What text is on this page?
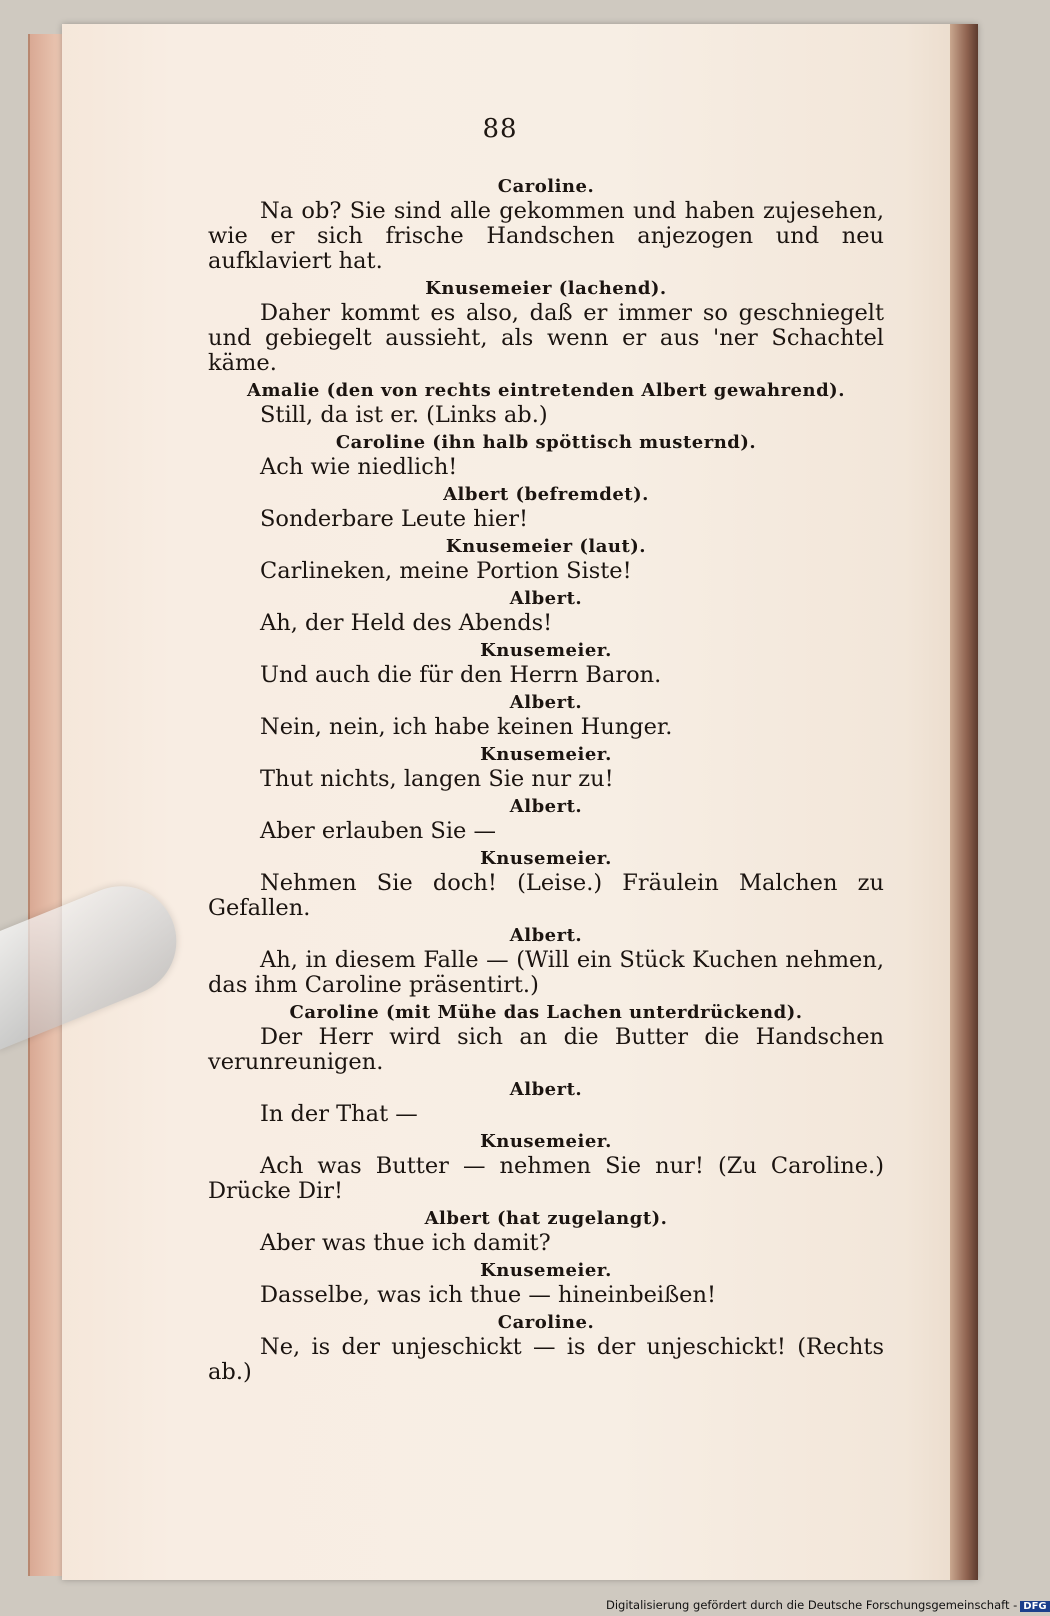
88

Caroline.

Na ob? Sie sind alle gekommen und haben zujesehen, wie er sich frische Handschen anjezogen und neu aufklaviert hat.

Knusemeier (lachend).

Daher kommt es also, daß er immer so geschniegelt und gebiegelt aussieht, als wenn er aus 'ner Schachtel käme.

Amalie (den von rechts eintretenden Albert gewahrend).

Still, da ist er. (Links ab.)

Caroline (ihn halb spöttisch musternd).

Ach wie niedlich!

Albert (befremdet).

Sonderbare Leute hier!

Knusemeier (laut).

Carlineken, meine Portion Siste!

Albert.

Ah, der Held des Abends!

Knusemeier.

Und auch die für den Herrn Baron.

Albert.

Nein, nein, ich habe keinen Hunger.

Knusemeier.

Thut nichts, langen Sie nur zu!

Albert.

Aber erlauben Sie —

Knusemeier.

Nehmen Sie doch! (Leise.) Fräulein Malchen zu Gefallen.

Albert.

Ah, in diesem Falle — (Will ein Stück Kuchen nehmen, das ihm Caroline präsentirt.)

Caroline (mit Mühe das Lachen unterdrückend).

Der Herr wird sich an die Butter die Handschen verunreunigen.

Albert.

In der That —

Knusemeier.

Ach was Butter — nehmen Sie nur! (Zu Caroline.) Drücke Dir!

Albert (hat zugelangt).

Aber was thue ich damit?

Knusemeier.

Dasselbe, was ich thue — hineinbeißen!

Caroline.

Ne, is der unjeschickt — is der unjeschickt! (Rechts ab.)

Digitalisierung gefördert durch die Deutsche Forschungsgemeinschaft - DFG
